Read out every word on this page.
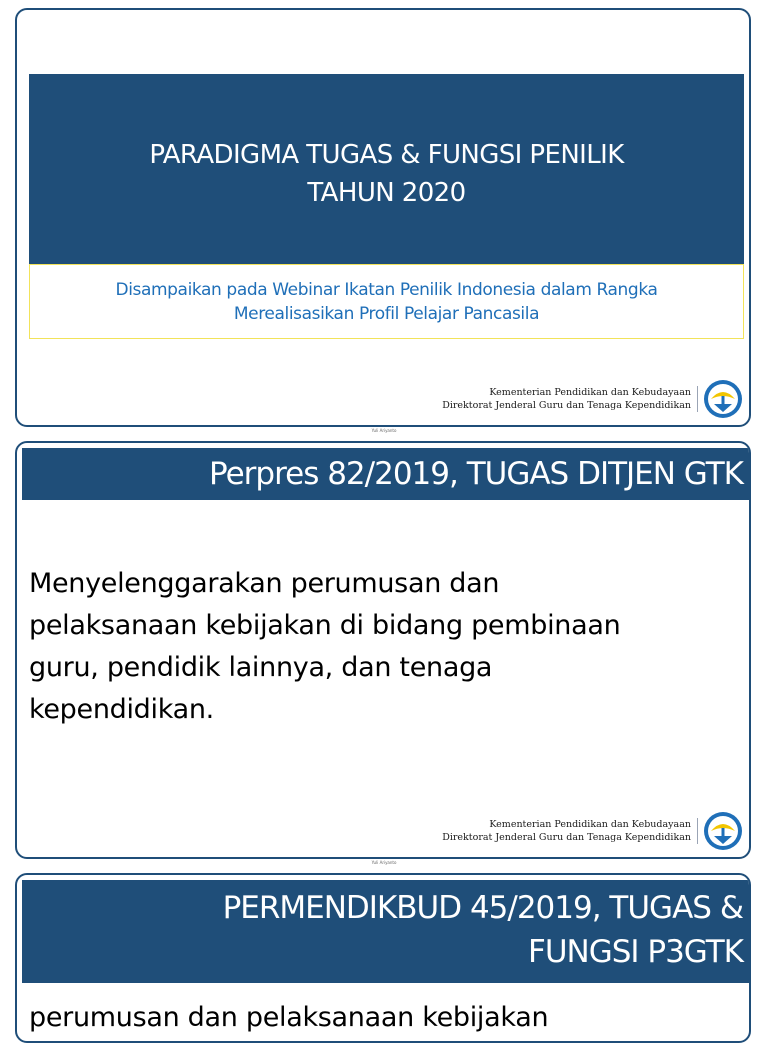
PARADIGMA TUGAS & FUNGSI PENILIK
TAHUN 2020
Disampaikan pada Webinar Ikatan Penilik Indonesia dalam Rangka
Merealisasikan Profil Pelajar Pancasila
Kementerian Pendidikan dan Kebudayaan
Direktorat Jenderal Guru dan Tenaga Kependidikan
Yuli Ariyanto
Perpres 82/2019, TUGAS DITJEN GTK
Menyelenggarakan perumusan dan
pelaksanaan kebijakan di bidang pembinaan
guru, pendidik lainnya, dan tenaga
kependidikan.
Kementerian Pendidikan dan Kebudayaan
Direktorat Jenderal Guru dan Tenaga Kependidikan
Yuli Ariyanto
PERMENDIKBUD 45/2019, TUGAS &
FUNGSI P3GTK
perumusan dan pelaksanaan kebijakan
